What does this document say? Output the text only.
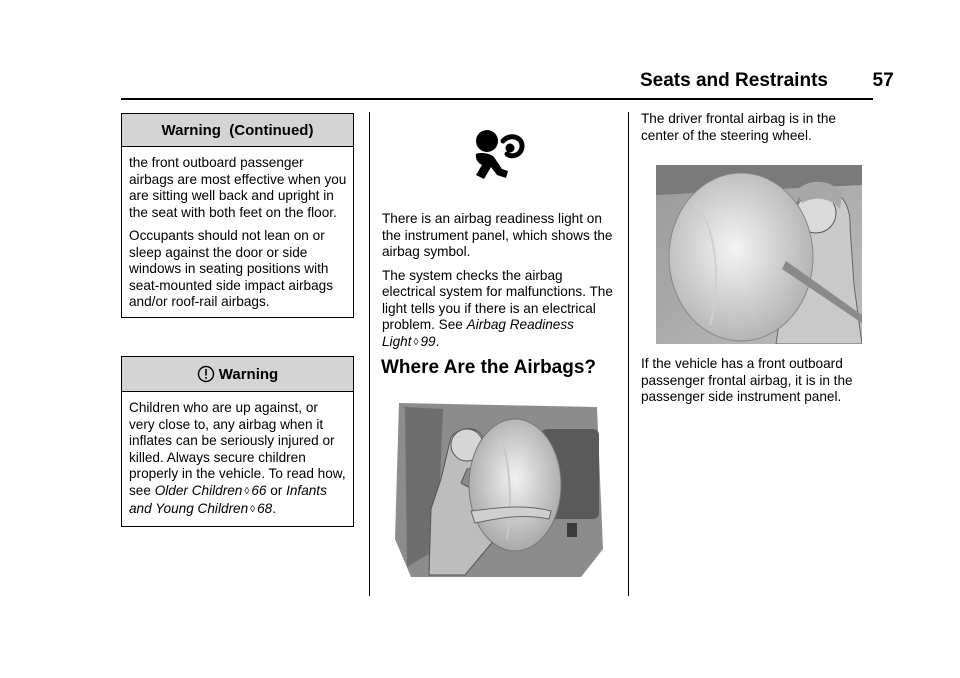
Seats and Restraints 57
Warning  (Continued)

the front outboard passenger airbags are most effective when you are sitting well back and upright in the seat with both feet on the floor.

Occupants should not lean on or sleep against the door or side windows in seating positions with seat-mounted side impact airbags and/or roof-rail airbags.

Warning

Children who are up against, or very close to, any airbag when it inflates can be seriously injured or killed. Always secure children properly in the vehicle. To read how, see Older Children ◊ 66 or Infants and Young Children ◊ 68.

There is an airbag readiness light on the instrument panel, which shows the airbag symbol.

The system checks the airbag electrical system for malfunctions. The light tells you if there is an electrical problem. See Airbag Readiness Light ◊ 99.

Where Are the Airbags?

The driver frontal airbag is in the center of the steering wheel.

If the vehicle has a front outboard passenger frontal airbag, it is in the passenger side instrument panel.
